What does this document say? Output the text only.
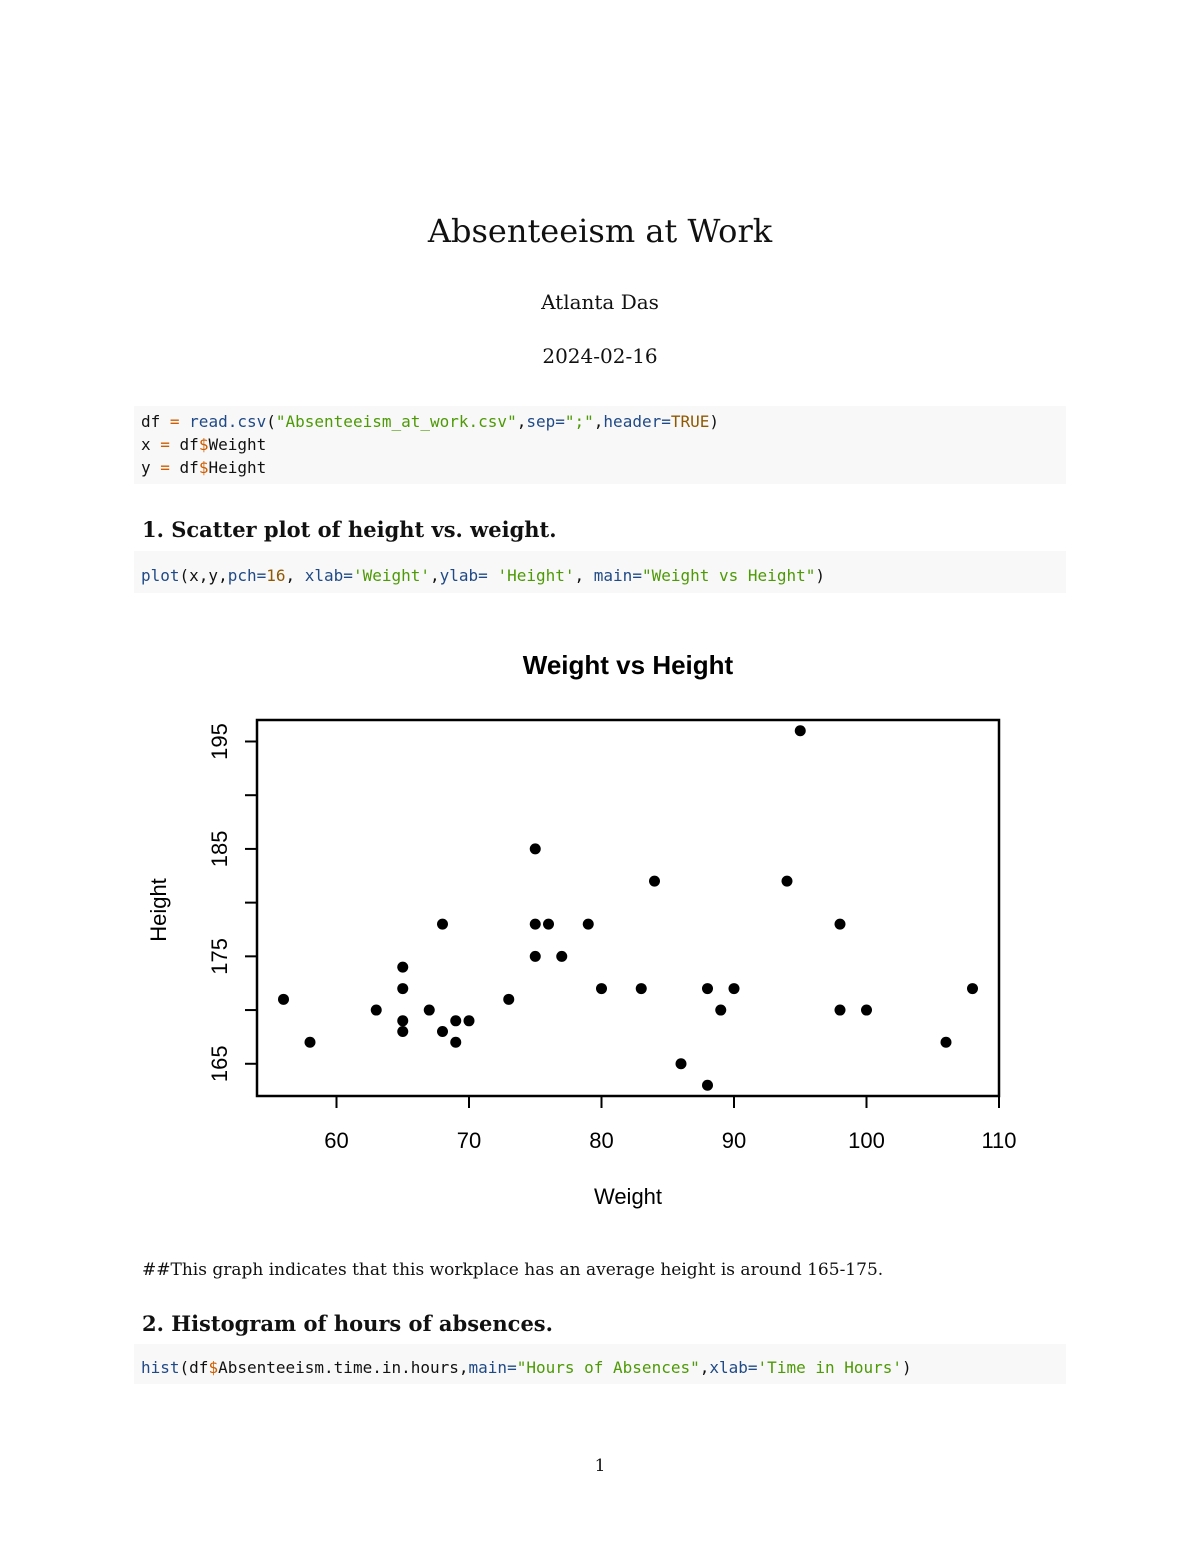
Absenteeism at Work
Atlanta Das
2024-02-16
df = read.csv("Absenteeism_at_work.csv",sep=";",header=TRUE)
x = df$Weight
y = df$Height
1. Scatter plot of height vs. weight.
plot(x,y,pch=16, xlab='Weight',ylab= 'Height', main="Weight vs Height")
Weight vs Height
60	70	80	90	100	110
165
175
185
195
Weight
Height
##This graph indicates that this workplace has an average height is around 165-175.
2. Histogram of hours of absences.
hist(df$Absenteeism.time.in.hours,main="Hours of Absences",xlab='Time in Hours')
1
